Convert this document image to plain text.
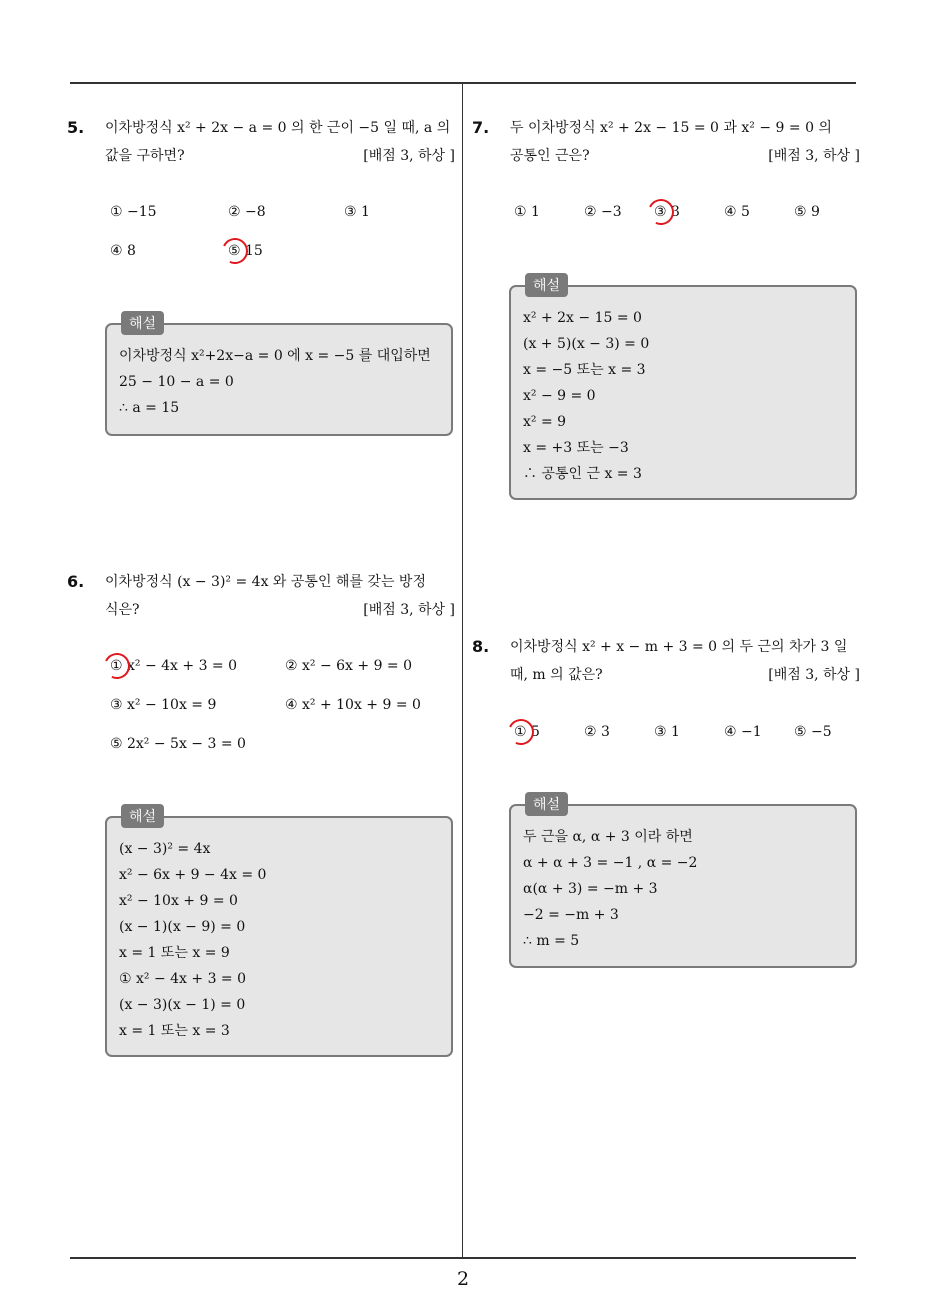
5. 이차방정식 x² + 2x − a = 0 의 한 근이 −5 일 때, a 의
값을 구하면?	[배점 3, 하상 ]
① −15	② −8	③ 1
④ 8	⑤ 15
해설
이차방정식 x²+2x−a = 0 에 x = −5 를 대입하면
25 − 10 − a = 0
∴ a = 15
6. 이차방정식 (x − 3)² = 4x 와 공통인 해를 갖는 방정
식은?	[배점 3, 하상 ]
① x² − 4x + 3 = 0	② x² − 6x + 9 = 0
③ x² − 10x = 9	④ x² + 10x + 9 = 0
⑤ 2x² − 5x − 3 = 0
해설
(x − 3)² = 4x
x² − 6x + 9 − 4x = 0
x² − 10x + 9 = 0
(x − 1)(x − 9) = 0
x = 1 또는 x = 9
① x² − 4x + 3 = 0
(x − 3)(x − 1) = 0
x = 1 또는 x = 3
7. 두 이차방정식 x² + 2x − 15 = 0 과 x² − 9 = 0 의
공통인 근은?	[배점 3, 하상 ]
① 1	② −3 ③ 3	④ 5	⑤ 9
해설
x² + 2x − 15 = 0
(x + 5)(x − 3) = 0
x = −5 또는 x = 3
x² − 9 = 0
x² = 9
x = +3 또는 −3
∴ 공통인 근 x = 3
8. 이차방정식 x² + x − m + 3 = 0 의 두 근의 차가 3 일
때, m 의 값은?	[배점 3, 하상 ]
① 5	② 3	③ 1	④ −1 ⑤ −5
해설
두 근을 α, α + 3 이라 하면
α + α + 3 = −1 , α = −2
α(α + 3) = −m + 3
−2 = −m + 3
∴ m = 5
2
